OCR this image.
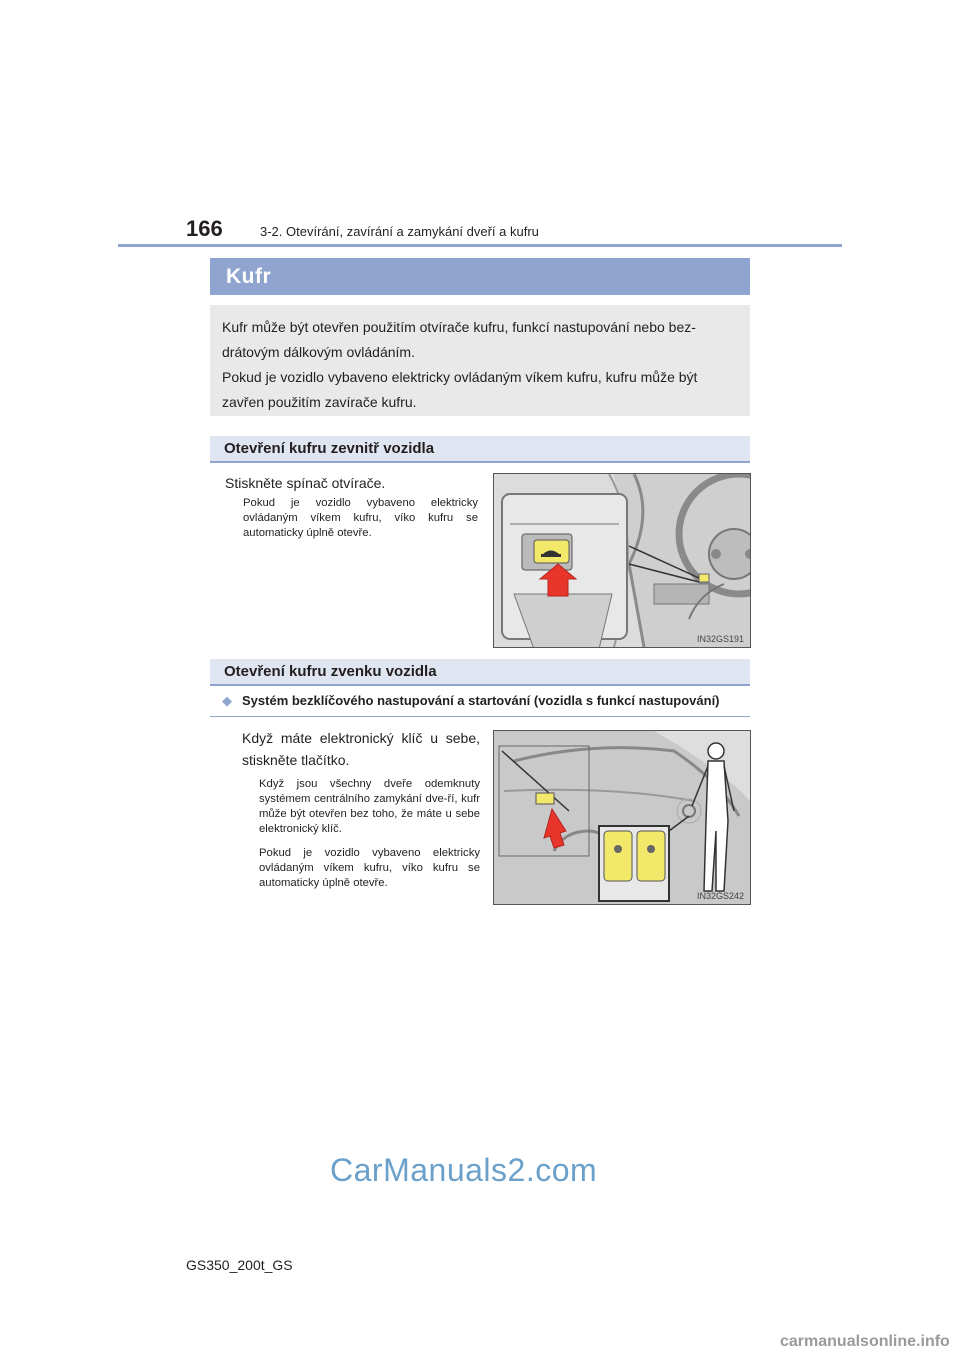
166	3-2. Otevírání, zavírání a zamykání dveří a kufru
Kufr

Kufr může být otevřen použitím otvírače kufru, funkcí nastupování nebo bez-drátovým dálkovým ovládáním.

Pokud je vozidlo vybaveno elektricky ovládaným víkem kufru, kufru může být zavřen použitím zavírače kufru.

Otevření kufru zevnitř vozidla
Stiskněte spínač otvírače.
Pokud je vozidlo vybaveno elektricky ovládaným víkem kufru, víko kufru se automaticky úplně otevře.
IN32GS191
Otevření kufru zvenku vozidla
◆ Systém bezklíčového nastupování a startování (vozidla s funkcí nastupování)
Když máte elektronický klíč u sebe, stiskněte tlačítko.
Když jsou všechny dveře odemknuty systémem centrálního zamykání dve-ří, kufr může být otevřen bez toho, že máte u sebe elektronický klíč.
Pokud je vozidlo vybaveno elektricky ovládaným víkem kufru, víko kufru se automaticky úplně otevře.
IN32GS242
CarManuals2.com
GS350_200t_GS
carmanualsonline.info
